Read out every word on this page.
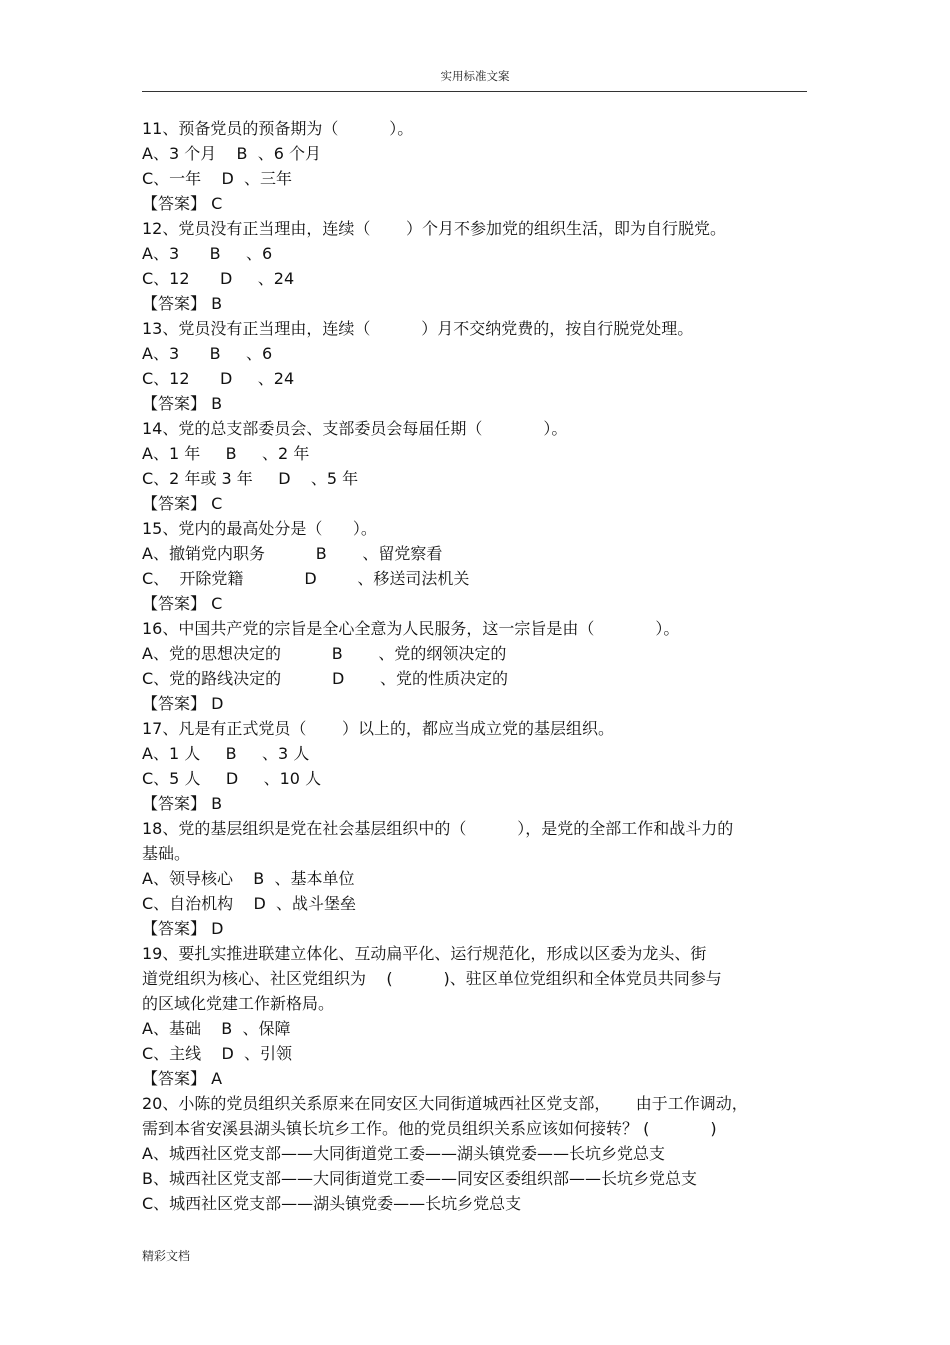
实用标准文案
11、预备党员的预备期为（          ）。
A、3 个月    B  、6 个月
C、一年    D  、三年
【答案】 C
12、党员没有正当理由，连续（       ）个月不参加党的组织生活，即为自行脱党。
A、3      B     、6
C、12      D     、24
【答案】 B
13、党员没有正当理由，连续（          ）月不交纳党费的，按自行脱党处理。
A、3      B     、6
C、12      D     、24
【答案】 B
14、党的总支部委员会、支部委员会每届任期（            ）。
A、1 年     B     、2 年
C、2 年或 3 年     D    、5 年
【答案】 C
15、党内的最高处分是（      ）。
A、撤销党内职务          B       、留党察看
C、  开除党籍            D        、移送司法机关
【答案】 C
16、中国共产党的宗旨是全心全意为人民服务，这一宗旨是由（            ）。
A、党的思想决定的          B       、党的纲领决定的
C、党的路线决定的          D       、党的性质决定的
【答案】 D
17、凡是有正式党员（       ）以上的，都应当成立党的基层组织。
A、1 人     B     、3 人
C、5 人     D     、10 人
【答案】 B
18、党的基层组织是党在社会基层组织中的（          ），是党的全部工作和战斗力的
基础。
A、领导核心    B  、基本单位
C、自治机构    D  、战斗堡垒
【答案】 D
19、要扎实推进联建立体化、互动扁平化、运行规范化，形成以区委为龙头、街
道党组织为核心、社区党组织为    (          )、驻区单位党组织和全体党员共同参与
的区域化党建工作新格局。
A、基础    B  、保障
C、主线    D  、引领
【答案】 A
20、小陈的党员组织关系原来在同安区大同街道城西社区党支部，     由于工作调动，
需到本省安溪县湖头镇长坑乡工作。他的党员组织关系应该如何接转？ (            )
A、城西社区党支部——大同街道党工委——湖头镇党委——长坑乡党总支
B、城西社区党支部——大同街道党工委——同安区委组织部——长坑乡党总支
C、城西社区党支部——湖头镇党委——长坑乡党总支
精彩文档
